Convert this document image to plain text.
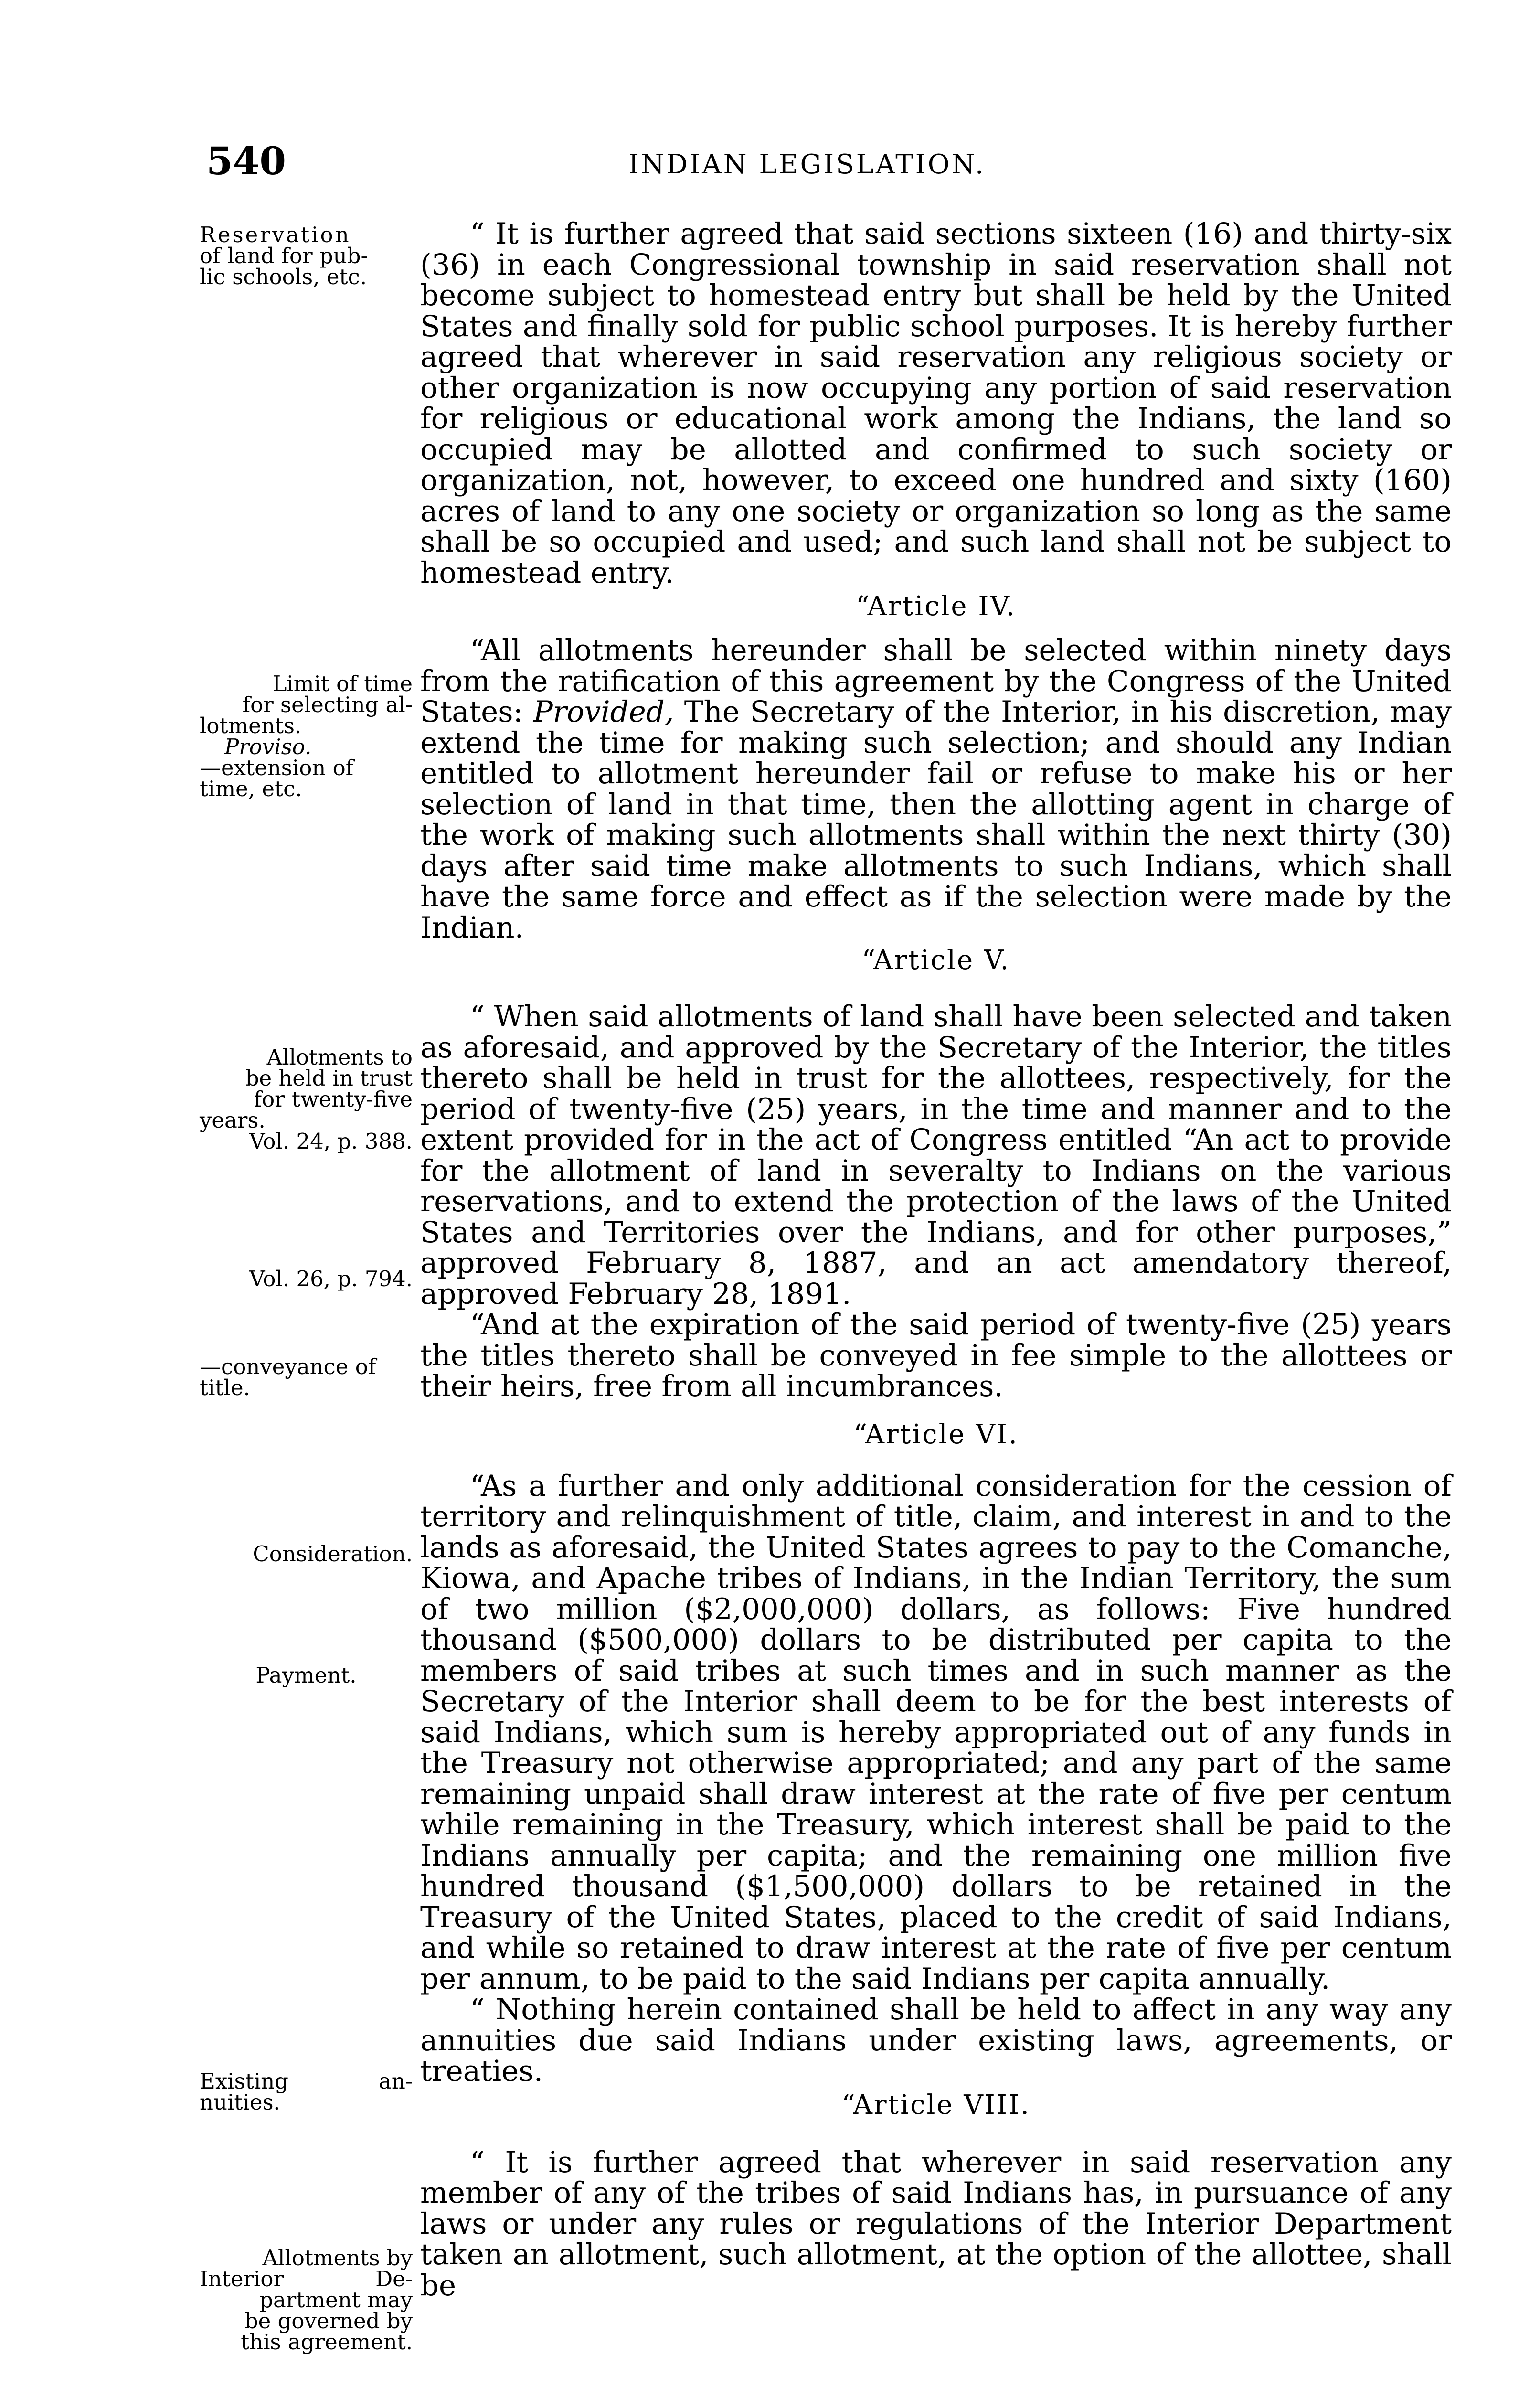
540	INDIAN LEGISLATION.

Reservation

of land for pub-

lic schools, etc.

Limit of time

for selecting al-

lotments.

Proviso.

—extension of

time, etc.

Allotments to

be held in trust

for twenty-five

years.

Vol. 24, p. 388.

Vol. 26, p. 794.

—conveyance of

title.

Consideration.
Payment.

Existing an-

nuities.

Allotments by

Interior De-

partment may

be governed by

this agreement.

“ It is further agreed that said sections sixteen (16) and thirty-six (36) in each Congressional township in said reservation shall not become subject to homestead entry but shall be held by the United States and finally sold for public school purposes. It is hereby further agreed that wherever in said reservation any religious society or other organization is now occupying any portion of said reservation for religious or educational work among the Indians, the land so occupied may be allotted and confirmed to such society or organization, not, however, to exceed one hundred and sixty (160) acres of land to any one society or organization so long as the same shall be so occupied and used; and such land shall not be subject to homestead entry.

“Article IV.

“All allotments hereunder shall be selected within ninety days from the ratification of this agreement by the Congress of the United States: Provided, The Secretary of the Interior, in his discretion, may extend the time for making such selection; and should any Indian entitled to allotment hereunder fail or refuse to make his or her selection of land in that time, then the allotting agent in charge of the work of making such allotments shall within the next thirty (30) days after said time make allotments to such Indians, which shall have the same force and effect as if the selection were made by the Indian.

“Article V.

“ When said allotments of land shall have been selected and taken as aforesaid, and approved by the Secretary of the Interior, the titles thereto shall be held in trust for the allottees, respectively, for the period of twenty-five (25) years, in the time and manner and to the extent provided for in the act of Congress entitled “An act to provide for the allotment of land in severalty to Indians on the various reservations, and to extend the protection of the laws of the United States and Territories over the Indians, and for other purposes,” approved February 8, 1887, and an act amendatory thereof, approved February 28, 1891.

“And at the expiration of the said period of twenty-five (25) years the titles thereto shall be conveyed in fee simple to the allottees or their heirs, free from all incumbrances.

“Article VI.

“As a further and only additional consideration for the cession of territory and relinquishment of title, claim, and interest in and to the lands as aforesaid, the United States agrees to pay to the Comanche, Kiowa, and Apache tribes of Indians, in the Indian Territory, the sum of two million ($2,000,000) dollars, as follows: Five hundred thousand ($500,000) dollars to be distributed per capita to the members of said tribes at such times and in such manner as the Secretary of the Interior shall deem to be for the best interests of said Indians, which sum is hereby appropriated out of any funds in the Treasury not otherwise appropriated; and any part of the same remaining unpaid shall draw interest at the rate of five per centum while remaining in the Treasury, which interest shall be paid to the Indians annually per capita; and the remaining one million five hundred thousand ($1,500,000) dollars to be retained in the Treasury of the United States, placed to the credit of said Indians, and while so retained to draw interest at the rate of five per centum per annum, to be paid to the said Indians per capita annually.

“ Nothing herein contained shall be held to affect in any way any annuities due said Indians under existing laws, agreements, or treaties.

“Article VIII.

“ It is further agreed that wherever in said reservation any member of any of the tribes of said Indians has, in pursuance of any laws or under any rules or regulations of the Interior Department taken an allotment, such allotment, at the option of the allottee, shall be
